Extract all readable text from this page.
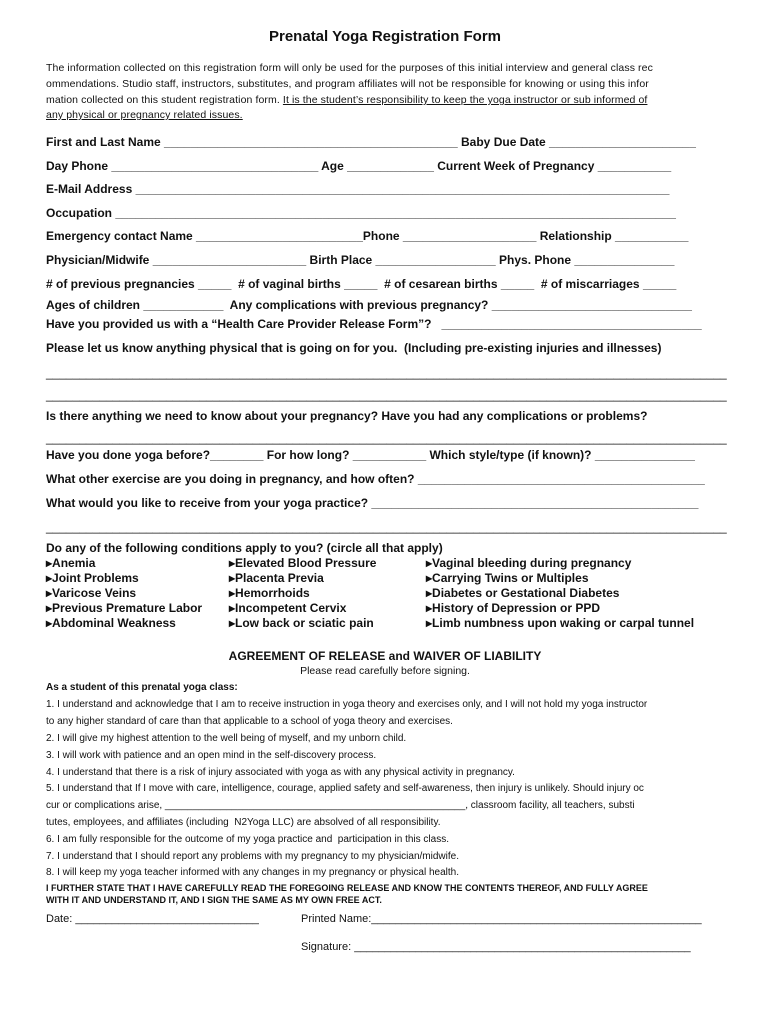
Prenatal Yoga Registration Form
The information collected on this registration form will only be used for the purposes of this initial interview and general class rec
ommendations. Studio staff, instructors, substitutes, and program affiliates will not be responsible for knowing or using this infor
mation collected on this student registration form. It is the student’s responsibility to keep the yoga instructor or sub informed of
any physical or pregnancy related issues.
First and Last Name ____________________________________________ Baby Due Date ______________________
Day Phone _______________________________ Age _____________ Current Week of Pregnancy ___________
E-Mail Address ________________________________________________________________________________
Occupation ____________________________________________________________________________________
Emergency contact Name _________________________Phone ____________________ Relationship ___________
Physician/Midwife _______________________ Birth Place __________________ Phys. Phone _______________
# of previous pregnancies _____  # of vaginal births _____  # of cesarean births _____  # of miscarriages _____
Ages of children ____________  Any complications with previous pregnancy? ______________________________
Have you provided us with a “Health Care Provider Release Form”?   _______________________________________
Please let us know anything physical that is going on for you.  (Including pre-existing injuries and illnesses)
______________________________________________________________________________________________________
______________________________________________________________________________________________________
Is there anything we need to know about your pregnancy? Have you had any complications or problems?
______________________________________________________________________________________________________
Have you done yoga before?________ For how long? ___________ Which style/type (if known)? _______________
What other exercise are you doing in pregnancy, and how often? ___________________________________________
What would you like to receive from your yoga practice? _________________________________________________
______________________________________________________________________________________________________
Do any of the following conditions apply to you? (circle all that apply)
▸Anemia
▸Joint Problems
▸Varicose Veins
▸Previous Premature Labor
▸Abdominal Weakness
▸Elevated Blood Pressure
▸Placenta Previa
▸Hemorrhoids
▸Incompetent Cervix
▸Low back or sciatic pain
▸Vaginal bleeding during pregnancy
▸Carrying Twins or Multiples
▸Diabetes or Gestational Diabetes
▸History of Depression or PPD
▸Limb numbness upon waking or carpal tunnel
AGREEMENT OF RELEASE and WAIVER OF LIABILITY
Please read carefully before signing.
As a student of this prenatal yoga class:
1. I understand and acknowledge that I am to receive instruction in yoga theory and exercises only, and I will not hold my yoga instructor
to any higher standard of care than that applicable to a school of yoga theory and exercises.
2. I will give my highest attention to the well being of myself, and my unborn child.
3. I will work with patience and an open mind in the self-discovery process.
4. I understand that there is a risk of injury associated with yoga as with any physical activity in pregnancy.
5. I understand that If I move with care, intelligence, courage, applied safety and self-awareness, then injury is unlikely. Should injury oc
cur or complications arise, ______________________________________________________, classroom facility, all teachers, substi
tutes, employees, and affiliates (including  N2Yoga LLC) are absolved of all responsibility.
6. I am fully responsible for the outcome of my yoga practice and  participation in this class.
7. I understand that I should report any problems with my pregnancy to my physician/midwife.
8. I will keep my yoga teacher informed with any changes in my pregnancy or physical health.
I FURTHER STATE THAT I HAVE CAREFULLY READ THE FOREGOING RELEASE AND KNOW THE CONTENTS THEREOF, AND FULLY AGREE
WITH IT AND UNDERSTAND IT, AND I SIGN THE SAME AS MY OWN FREE ACT.
Date: ______________________________	Printed Name:______________________________________________________
Signature: _______________________________________________________
